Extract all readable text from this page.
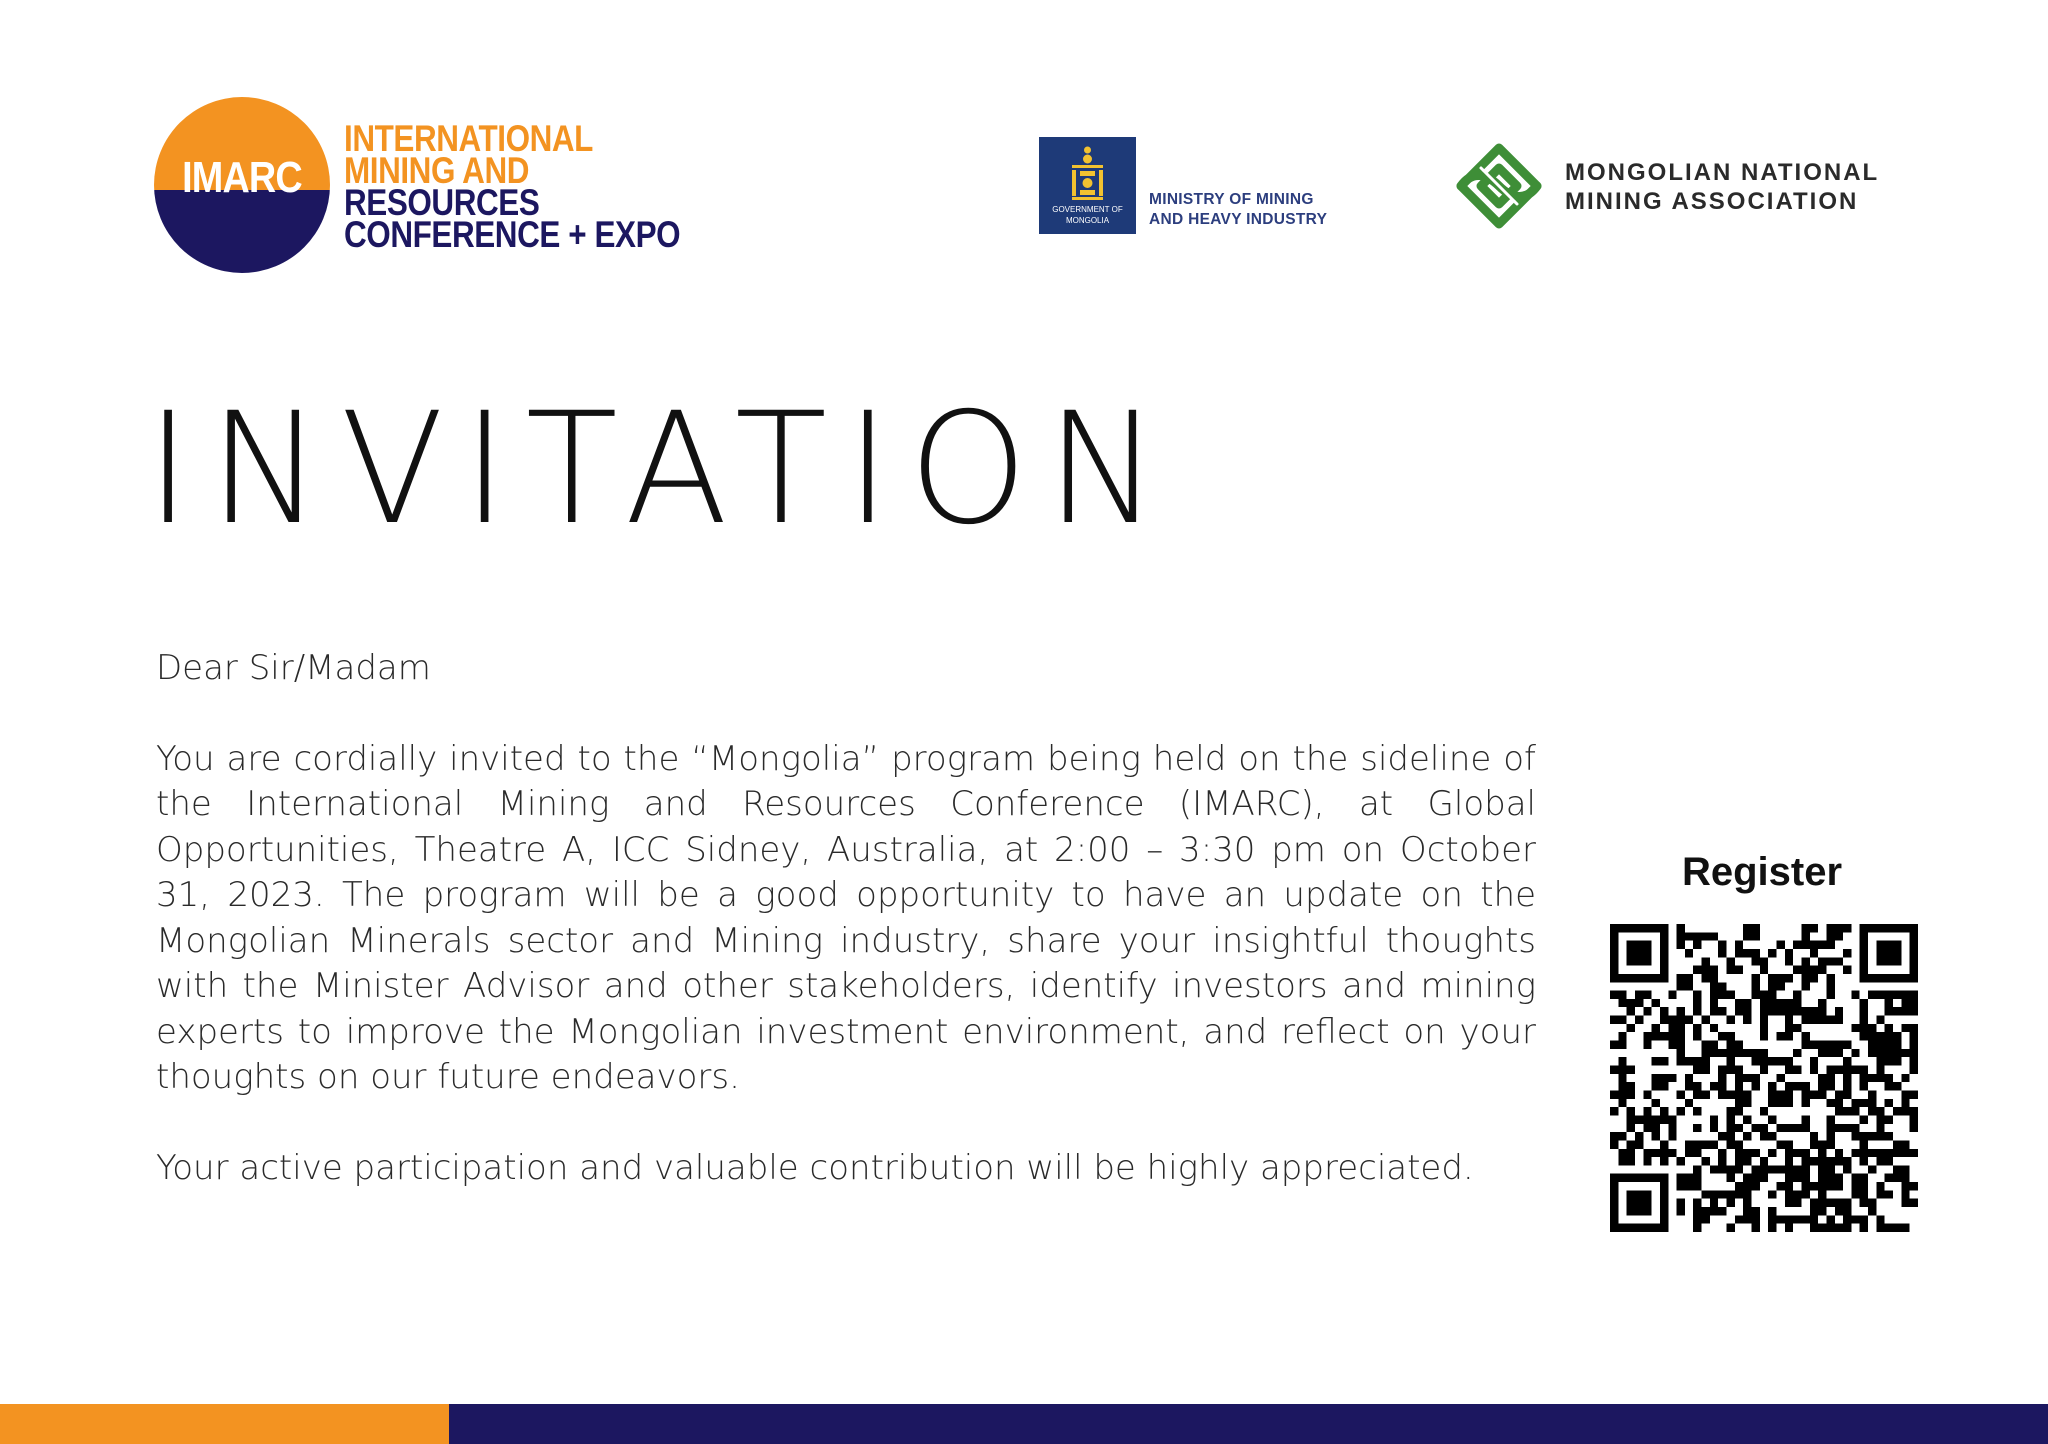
IMARC
INTERNATIONAL
MINING AND
RESOURCES
CONFERENCE + EXPO
GOVERNMENT OF MONGOLIA
MINISTRY OF MINING
AND HEAVY INDUSTRY
MONGOLIAN NATIONAL
MINING ASSOCIATION
INVITATION

Dear Sir/Madam

You are cordially invited to the “Mongolia” program being held on the sideline of the International Mining and Resources Conference (IMARC), at Global Opportunities, Theatre A, ICC Sidney, Australia, at 2:00 – 3:30 pm on October 31, 2023. The program will be a good opportunity to have an update on the Mongolian Minerals sector and Mining industry, share your insightful thoughts with the Minister Advisor and other stakeholders, identify investors and mining experts to improve the Mongolian investment environment, and reflect on your thoughts on our future endeavors.

Your active participation and valuable contribution will be highly appreciated.

Register
